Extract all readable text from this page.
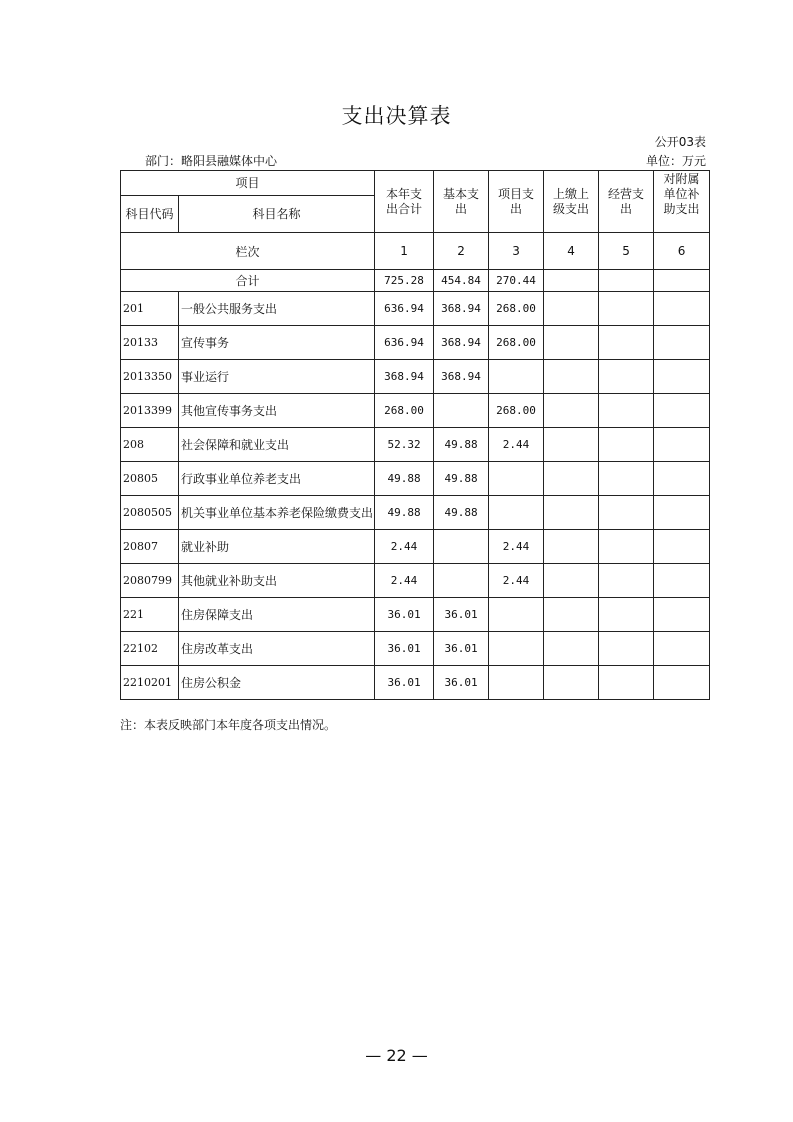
支出决算表
公开03表
部门：略阳县融媒体中心	单位：万元
项目		本年支出合计	基本支出	项目支出	上缴上级支出	经营支出	对附属单位补助支出

科目代码	科目名称						
栏次		1	2	3	4	5	6
合计		725.28	454.84	270.44			
201	一般公共服务支出	636.94	368.94	268.00			
20133	宣传事务	636.94	368.94	268.00			
2013350	事业运行	368.94	368.94				
2013399	其他宣传事务支出	268.00		268.00			
208	社会保障和就业支出	52.32	49.88	2.44			
20805	行政事业单位养老支出	49.88	49.88				
2080505	机关事业单位基本养老保险缴费支出	49.88	49.88				
20807	就业补助	2.44		2.44			
2080799	其他就业补助支出	2.44		2.44			
221	住房保障支出	36.01	36.01				
22102	住房改革支出	36.01	36.01				
2210201	住房公积金	36.01	36.01				
注：本表反映部门本年度各项支出情况。
— 22 —
